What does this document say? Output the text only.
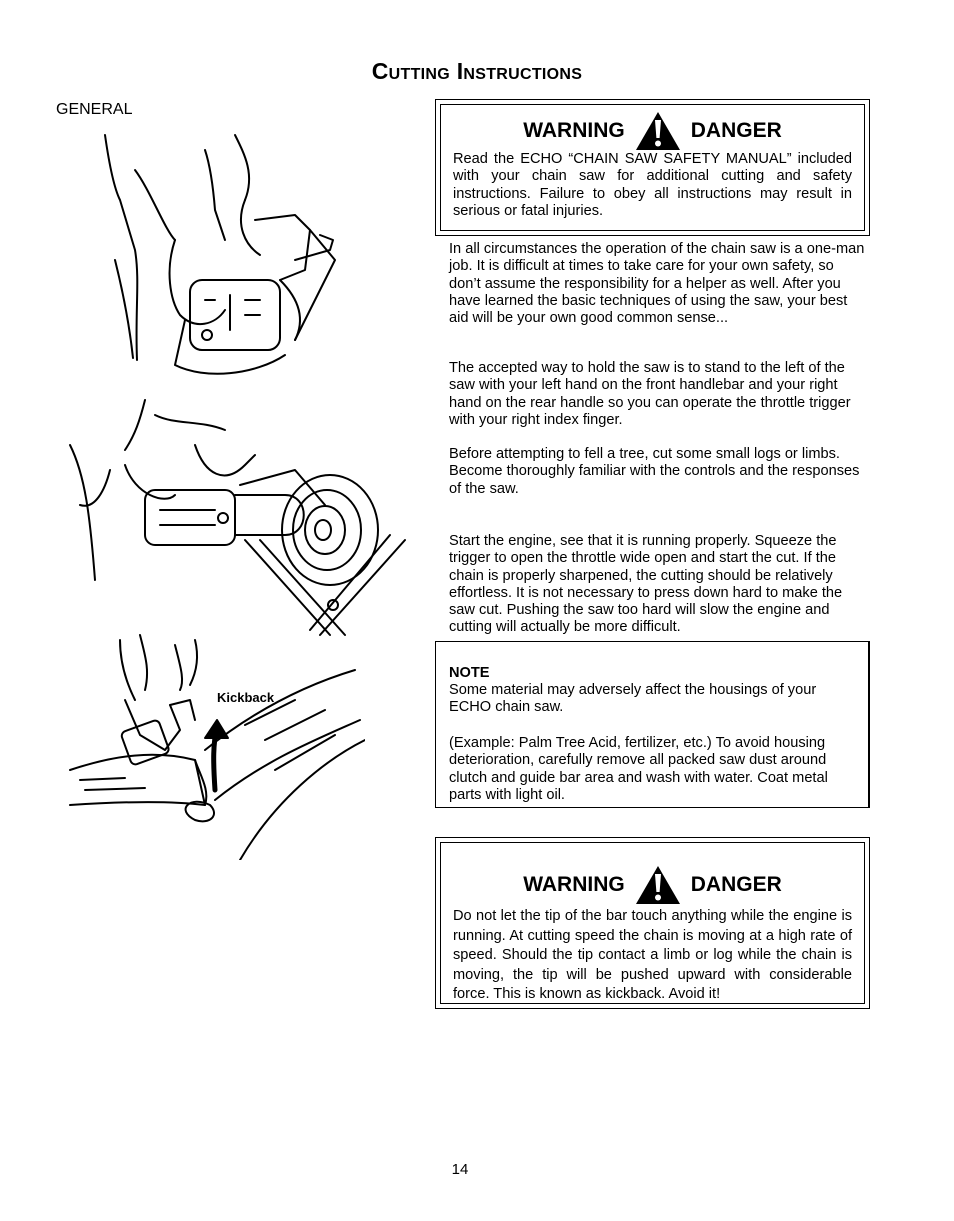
Cutting Instructions
GENERAL
Kickback
WARNING	DANGER
Read the ECHO “CHAIN SAW SAFETY MANUAL” included with your chain saw for additional cutting and safety instructions. Failure to obey all instructions may result in serious or fatal injuries.

In all circumstances the operation of the chain saw is a one-man job. It is difficult at times to take care for your own safety, so don’t assume the responsibility for a helper as well. After you have learned the basic techniques of using the saw, your best aid will be your own good common sense...

The accepted way to hold the saw is to stand to the left of the saw with your left hand on the front handlebar and your right hand on the rear handle so you can operate the throttle trigger with your right index finger.

Before attempting to fell a tree, cut some small logs or limbs. Become thoroughly familiar with the controls and the responses of the saw.

Start the engine, see that it is running properly. Squeeze the trigger to open the throttle wide open and start the cut. If the chain is properly sharpened, the cutting should be relatively effortless. It is not necessary to press down hard to make the saw cut. Pushing the saw too hard will slow the engine and cutting will actually be more difficult.

NOTE

Some material may adversely affect the housings of your ECHO chain saw.

(Example: Palm Tree Acid, fertilizer, etc.) To avoid housing deterioration, carefully remove all packed saw dust around clutch and guide bar area and wash with water. Coat metal parts with light oil.

WARNING	DANGER
Do not let the tip of the bar touch anything while the engine is running. At cutting speed the chain is moving at a high rate of speed. Should the tip contact a limb or log while the chain is moving, the tip will be pushed upward with considerable force. This is known as kickback. Avoid it!
14
